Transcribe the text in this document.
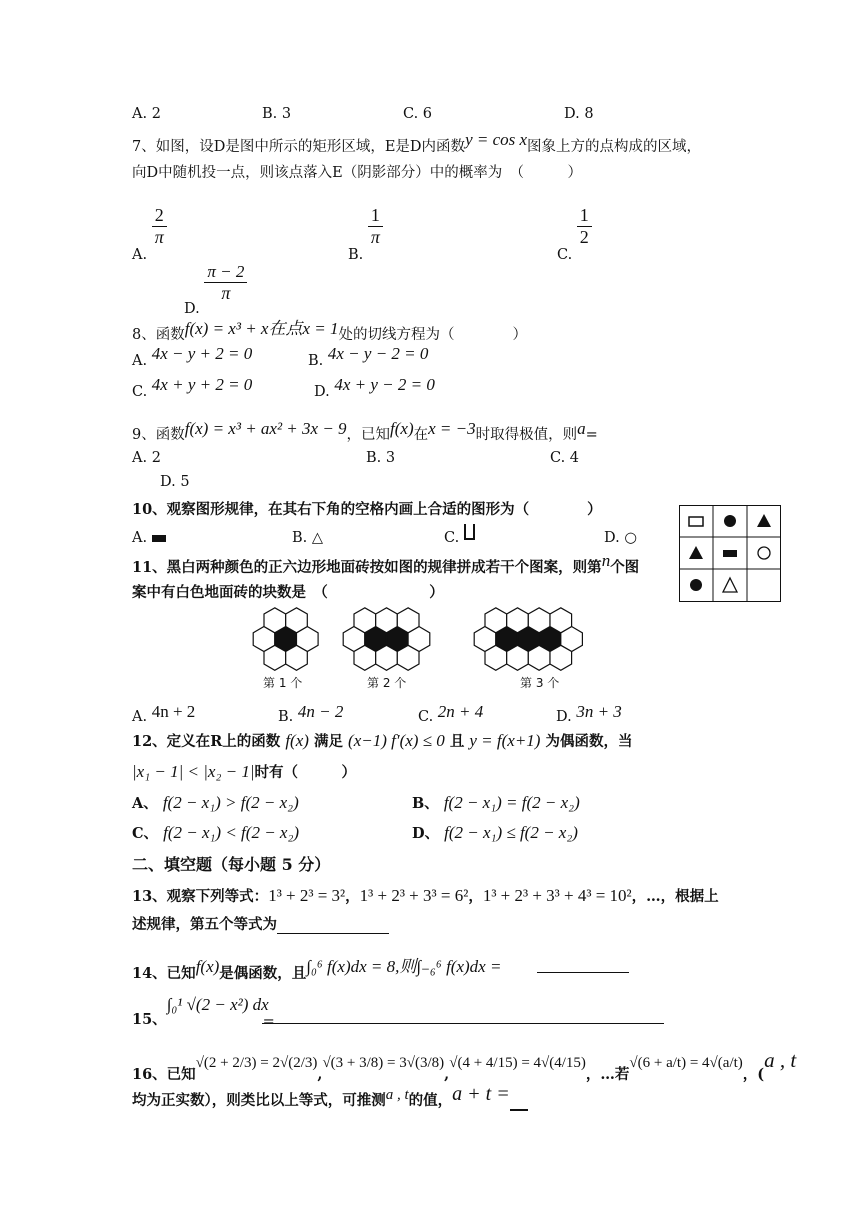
A. 2	B. 3	C. 6	D. 8
7、如图，设D是图中所示的矩形区域，E是D内函数y = cos x图象上方的点构成的区域，
向D中随机投一点，则该点落入E（阴影部分）中的概率为　（　　　）
A.
$\frac{2}{\pi}$
B.
$\frac{1}{\pi}$
C.
$\frac{1}{2}$
D.
$\frac{\pi - 2}{\pi}$
8、函数f(x) = x³ + x在点x = 1处的切线方程为（　　　　）
A. 4x − y + 2 = 0	B. 4x − y − 2 = 0
C. 4x + y + 2 = 0	D. 4x + y − 2 = 0
9、函数f(x) = x³ + ax² + 3x − 9，已知f(x)在x = −3时取得极值，则a=
A. 2	B. 3	C. 4
D. 5
10、观察图形规律，在其右下角的空格内画上合适的图形为（　　　　）
A.	B. △	C.	D. ○
11、黑白两种颜色的正六边形地面砖按如图的规律拼成若干个图案，则第n个图
案中有白色地面砖的块数是　（　　　　　　　）
第 1 个	第 2 个	第 3 个
A. 4n + 2	B. 4n − 2	C. 2n + 4	D. 3n + 3
12、定义在R上的函数 f(x) 满足 (x−1) f′(x) ≤ 0 且 y = f(x+1) 为偶函数，当
|x₁ − 1| < |x₂ − 1|时有（　　　）
A、 f(2 − x₁) > f(2 − x₂)	B、 f(2 − x₁) = f(2 − x₂)
C、 f(2 − x₁) < f(2 − x₂)	D、 f(2 − x₁) ≤ f(2 − x₂)
二、填空题（每小题 5 分）
13、观察下列等式：1³ + 2³ = 3²，1³ + 2³ + 3³ = 6²，1³ + 2³ + 3³ + 4³ = 10²，…，根据上
述规律，第五个等式为
14、已知f(x)是偶函数，且∫₀⁶ f(x)dx = 8,则∫₋₆⁶ f(x)dx =
15、∫₀¹ √(2 − x²) dx=
16、已知√(2 + 2/3) = 2√(2/3),√(3 + 3/8) = 3√(3/8),√(4 + 4/15) = 4√(4/15)，…若√(6 + a/t) = 4√(a/t)，(a , t
均为正实数），则类比以上等式，可推测a , t的值，a + t =
